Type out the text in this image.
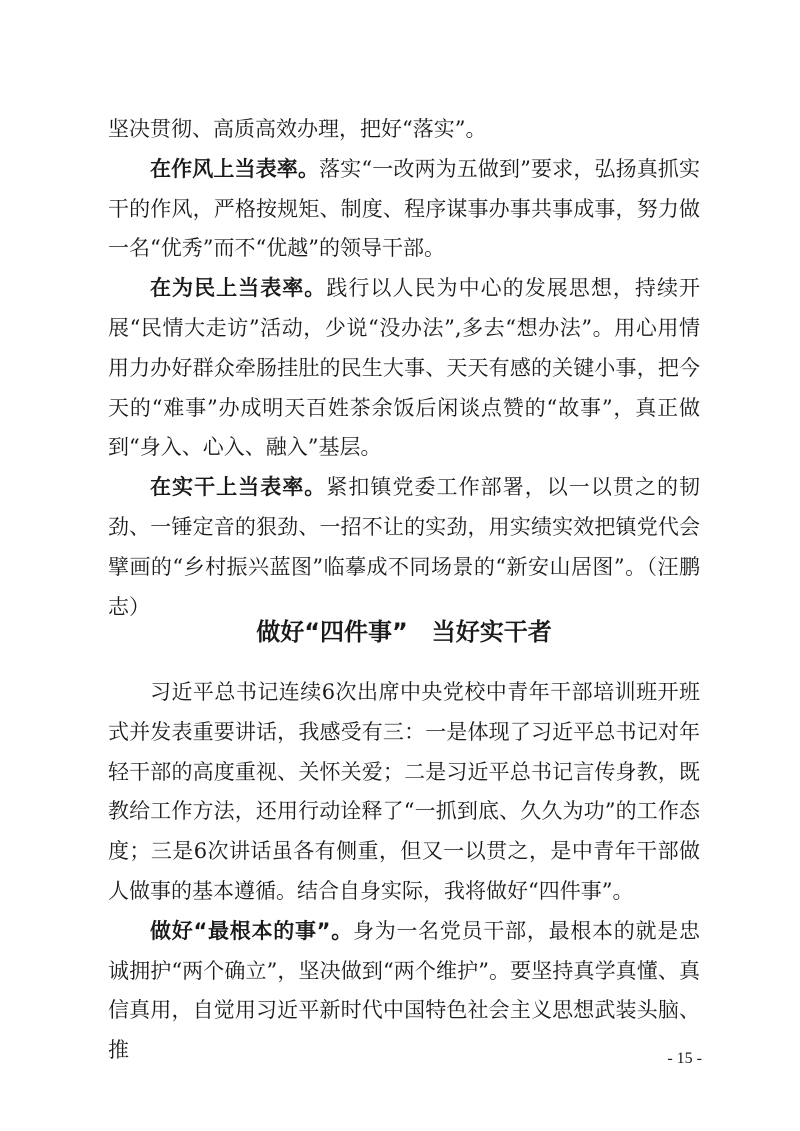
坚决贯彻、高质高效办理，把好“落实”。

在作风上当表率。落实“一改两为五做到”要求，弘扬真抓实干的作风，严格按规矩、制度、程序谋事办事共事成事，努力做一名“优秀”而不“优越”的领导干部。

在为民上当表率。践行以人民为中心的发展思想，持续开展“民情大走访”活动，少说“没办法”,多去“想办法”。用心用情用力办好群众牵肠挂肚的民生大事、天天有感的关键小事，把今天的“难事”办成明天百姓茶余饭后闲谈点赞的“故事”，真正做到“身入、心入、融入”基层。

在实干上当表率。紧扣镇党委工作部署，以一以贯之的韧劲、一锤定音的狠劲、一招不让的实劲，用实绩实效把镇党代会擘画的“乡村振兴蓝图”临摹成不同场景的“新安山居图”。（汪鹏志）

做好“四件事”　当好实干者

习近平总书记连续6次出席中央党校中青年干部培训班开班式并发表重要讲话，我感受有三：一是体现了习近平总书记对年轻干部的高度重视、关怀关爱；二是习近平总书记言传身教，既教给工作方法，还用行动诠释了“一抓到底、久久为功”的工作态度；三是6次讲话虽各有侧重，但又一以贯之，是中青年干部做人做事的基本遵循。结合自身实际，我将做好“四件事”。

做好“最根本的事”。身为一名党员干部，最根本的就是忠诚拥护“两个确立”，坚决做到“两个维护”。要坚持真学真懂、真信真用，自觉用习近平新时代中国特色社会主义思想武装头脑、推	- 15 -
